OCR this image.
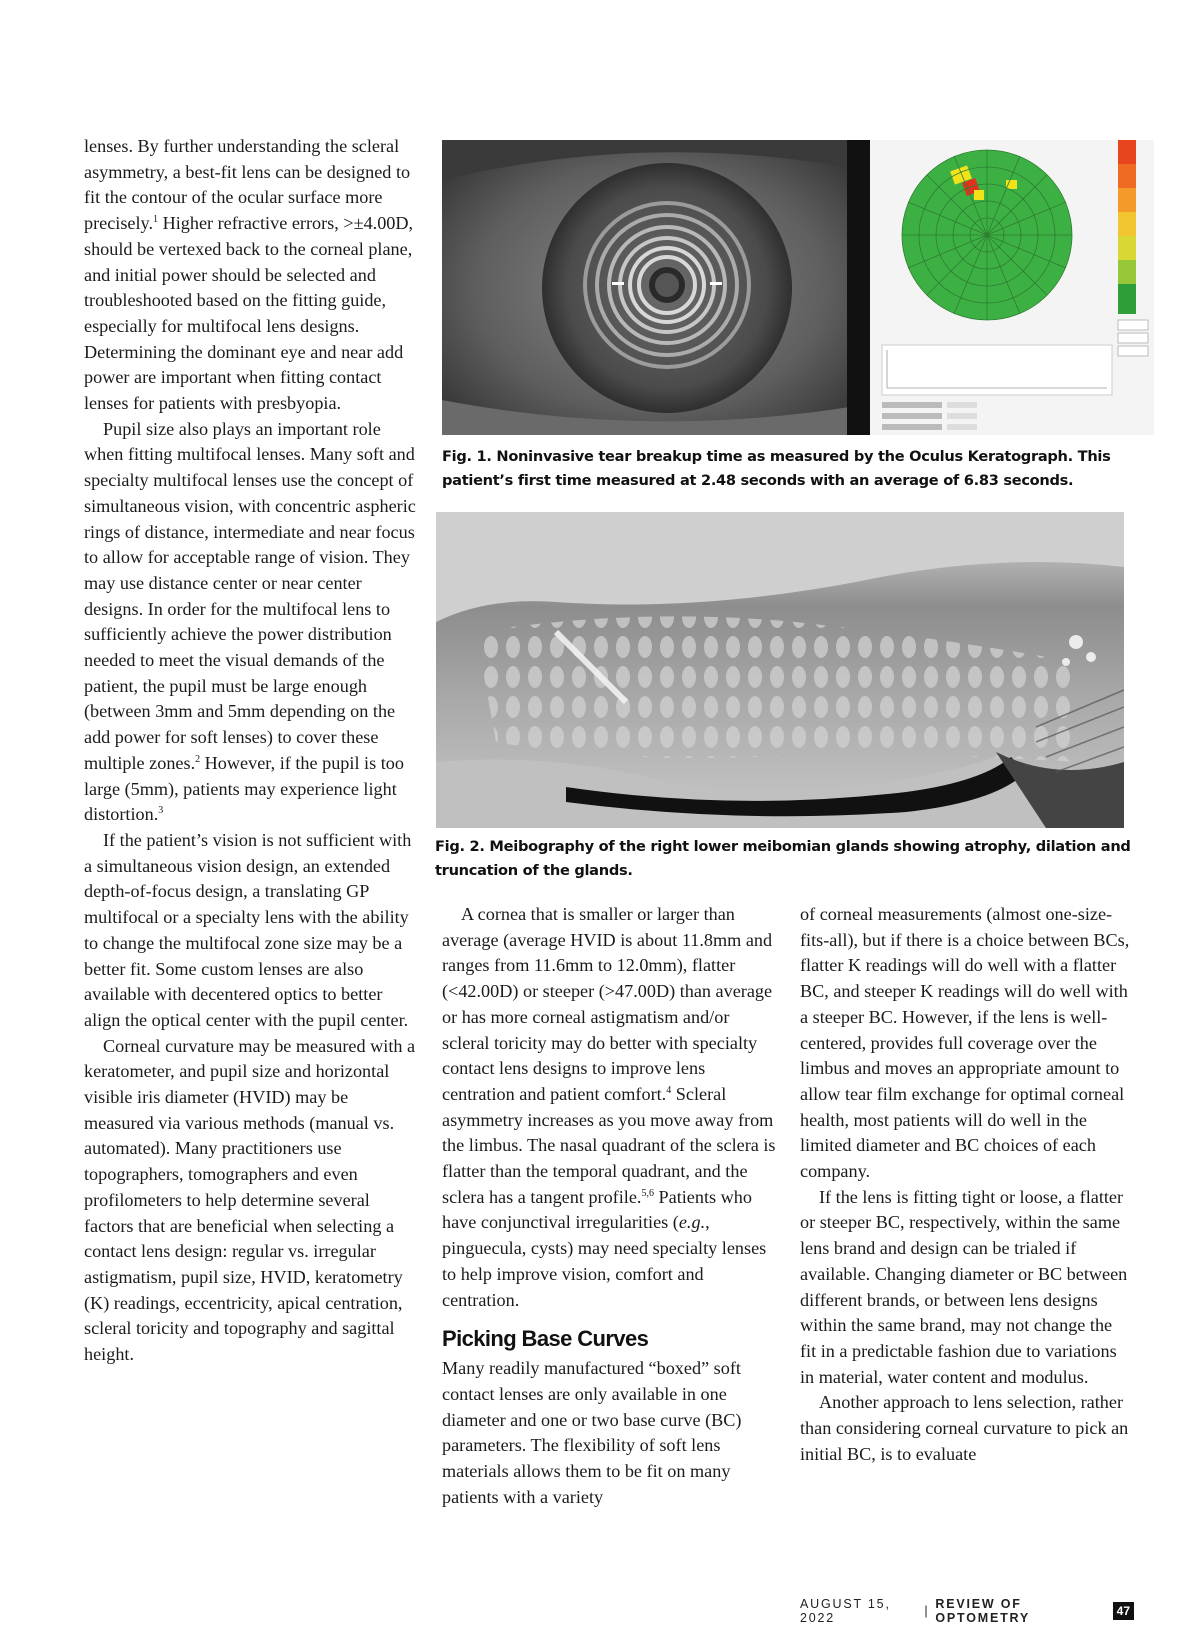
lenses. By further understanding the scleral asymmetry, a best-fit lens can be designed to fit the contour of the ocular surface more precisely.$^1$ Higher refractive errors, >±4.00D, should be vertexed back to the corneal plane, and initial power should be selected and troubleshooted based on the fitting guide, especially for multifocal lens designs. Determining the dominant eye and near add power are important when fitting contact lenses for patients with presbyopia.

Pupil size also plays an important role when fitting multifocal lenses. Many soft and specialty multifocal lenses use the concept of simultaneous vision, with concentric aspheric rings of distance, intermediate and near focus to allow for acceptable range of vision. They may use distance center or near center designs. In order for the multifocal lens to sufficiently achieve the power distribution needed to meet the visual demands of the patient, the pupil must be large enough (between 3mm and 5mm depending on the add power for soft lenses) to cover these multiple zones.$^2$ However, if the pupil is too large (5mm), patients may experience light distortion.$^3$

If the patient’s vision is not sufficient with a simultaneous vision design, an extended depth-of-focus design, a translating GP multifocal or a specialty lens with the ability to change the multifocal zone size may be a better fit. Some custom lenses are also available with decentered optics to better align the optical center with the pupil center.

Corneal curvature may be measured with a keratometer, and pupil size and horizontal visible iris diameter (HVID) may be measured via various methods (manual vs. automated). Many practitioners use topographers, tomographers and even profilometers to help determine several factors that are beneficial when selecting a contact lens design: regular vs. irregular astigmatism, pupil size, HVID, keratometry (K) readings, eccentricity, apical centration, scleral toricity and topography and sagittal height.

Fig. 1. Noninvasive tear breakup time as measured by the Oculus Keratograph. This patient’s first time measured at 2.48 seconds with an average of 6.83 seconds.
Fig. 2. Meibography of the right lower meibomian glands showing atrophy, dilation and truncation of the glands.

A cornea that is smaller or larger than average (average HVID is about 11.8mm and ranges from 11.6mm to 12.0mm), flatter (<42.00D) or steeper (>47.00D) than average or has more corneal astigmatism and/or scleral toricity may do better with specialty contact lens designs to improve lens centration and patient comfort.$^4$ Scleral asymmetry increases as you move away from the limbus. The nasal quadrant of the sclera is flatter than the temporal quadrant, and the sclera has a tangent profile.$^{5,6}$ Patients who have conjunctival irregularities (e.g., pinguecula, cysts) may need specialty lenses to help improve vision, comfort and centration.

Picking Base Curves

Many readily manufactured “boxed” soft contact lenses are only available in one diameter and one or two base curve (BC) parameters. The flexibility of soft lens materials allows them to be fit on many patients with a variety

of corneal measurements (almost one-size-fits-all), but if there is a choice between BCs, flatter K readings will do well with a flatter BC, and steeper K readings will do well with a steeper BC. However, if the lens is well-centered, provides full coverage over the limbus and moves an appropriate amount to allow tear film exchange for optimal corneal health, most patients will do well in the limited diameter and BC choices of each company.

If the lens is fitting tight or loose, a flatter or steeper BC, respectively, within the same lens brand and design can be trialed if available. Changing diameter or BC between different brands, or between lens designs within the same brand, may not change the fit in a predictable fashion due to variations in material, water content and modulus.

Another approach to lens selection, rather than considering corneal curvature to pick an initial BC, is to evaluate

AUGUST 15, 2022	| REVIEW OF OPTOMETRY	47
